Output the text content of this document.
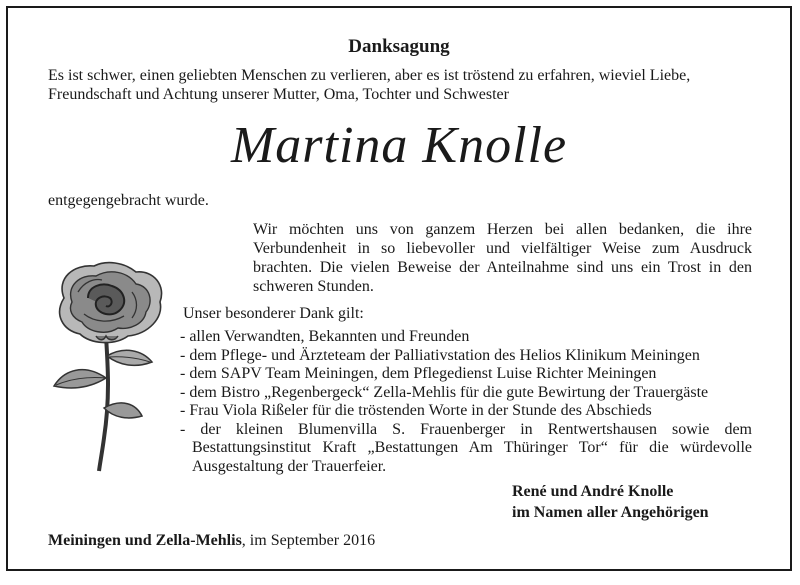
Danksagung
Es ist schwer, einen geliebten Menschen zu verlieren, aber es ist tröstend zu erfahren, wieviel Liebe, Freundschaft und Achtung unserer Mutter, Oma, Tochter und Schwester
Martina Knolle
entgegengebracht wurde.
Wir möchten uns von ganzem Herzen bei allen bedanken, die ihre Verbundenheit in so liebevoller und vielfältiger Weise zum Ausdruck brachten. Die vielen Beweise der Anteilnahme sind uns ein Trost in den schweren Stunden.
Unser besonderer Dank gilt:
- allen Verwandten, Bekannten und Freunden
- dem Pflege- und Ärzteteam der Palliativstation des Helios Klinikum Meiningen
- dem SAPV Team Meiningen, dem Pflegedienst Luise Richter Meiningen
- dem Bistro „Regenbergeck“ Zella-Mehlis für die gute Bewirtung der Trauergäste
- Frau Viola Rißeler für die tröstenden Worte in der Stunde des Abschieds
- der kleinen Blumenvilla S. Frauenberger in Rentwertshausen sowie dem Bestattungsinstitut Kraft „Bestattungen Am Thüringer Tor“ für die würdevolle Ausgestaltung der Trauerfeier.
René und André Knolle
im Namen aller Angehörigen
Meiningen und Zella-Mehlis, im September 2016
